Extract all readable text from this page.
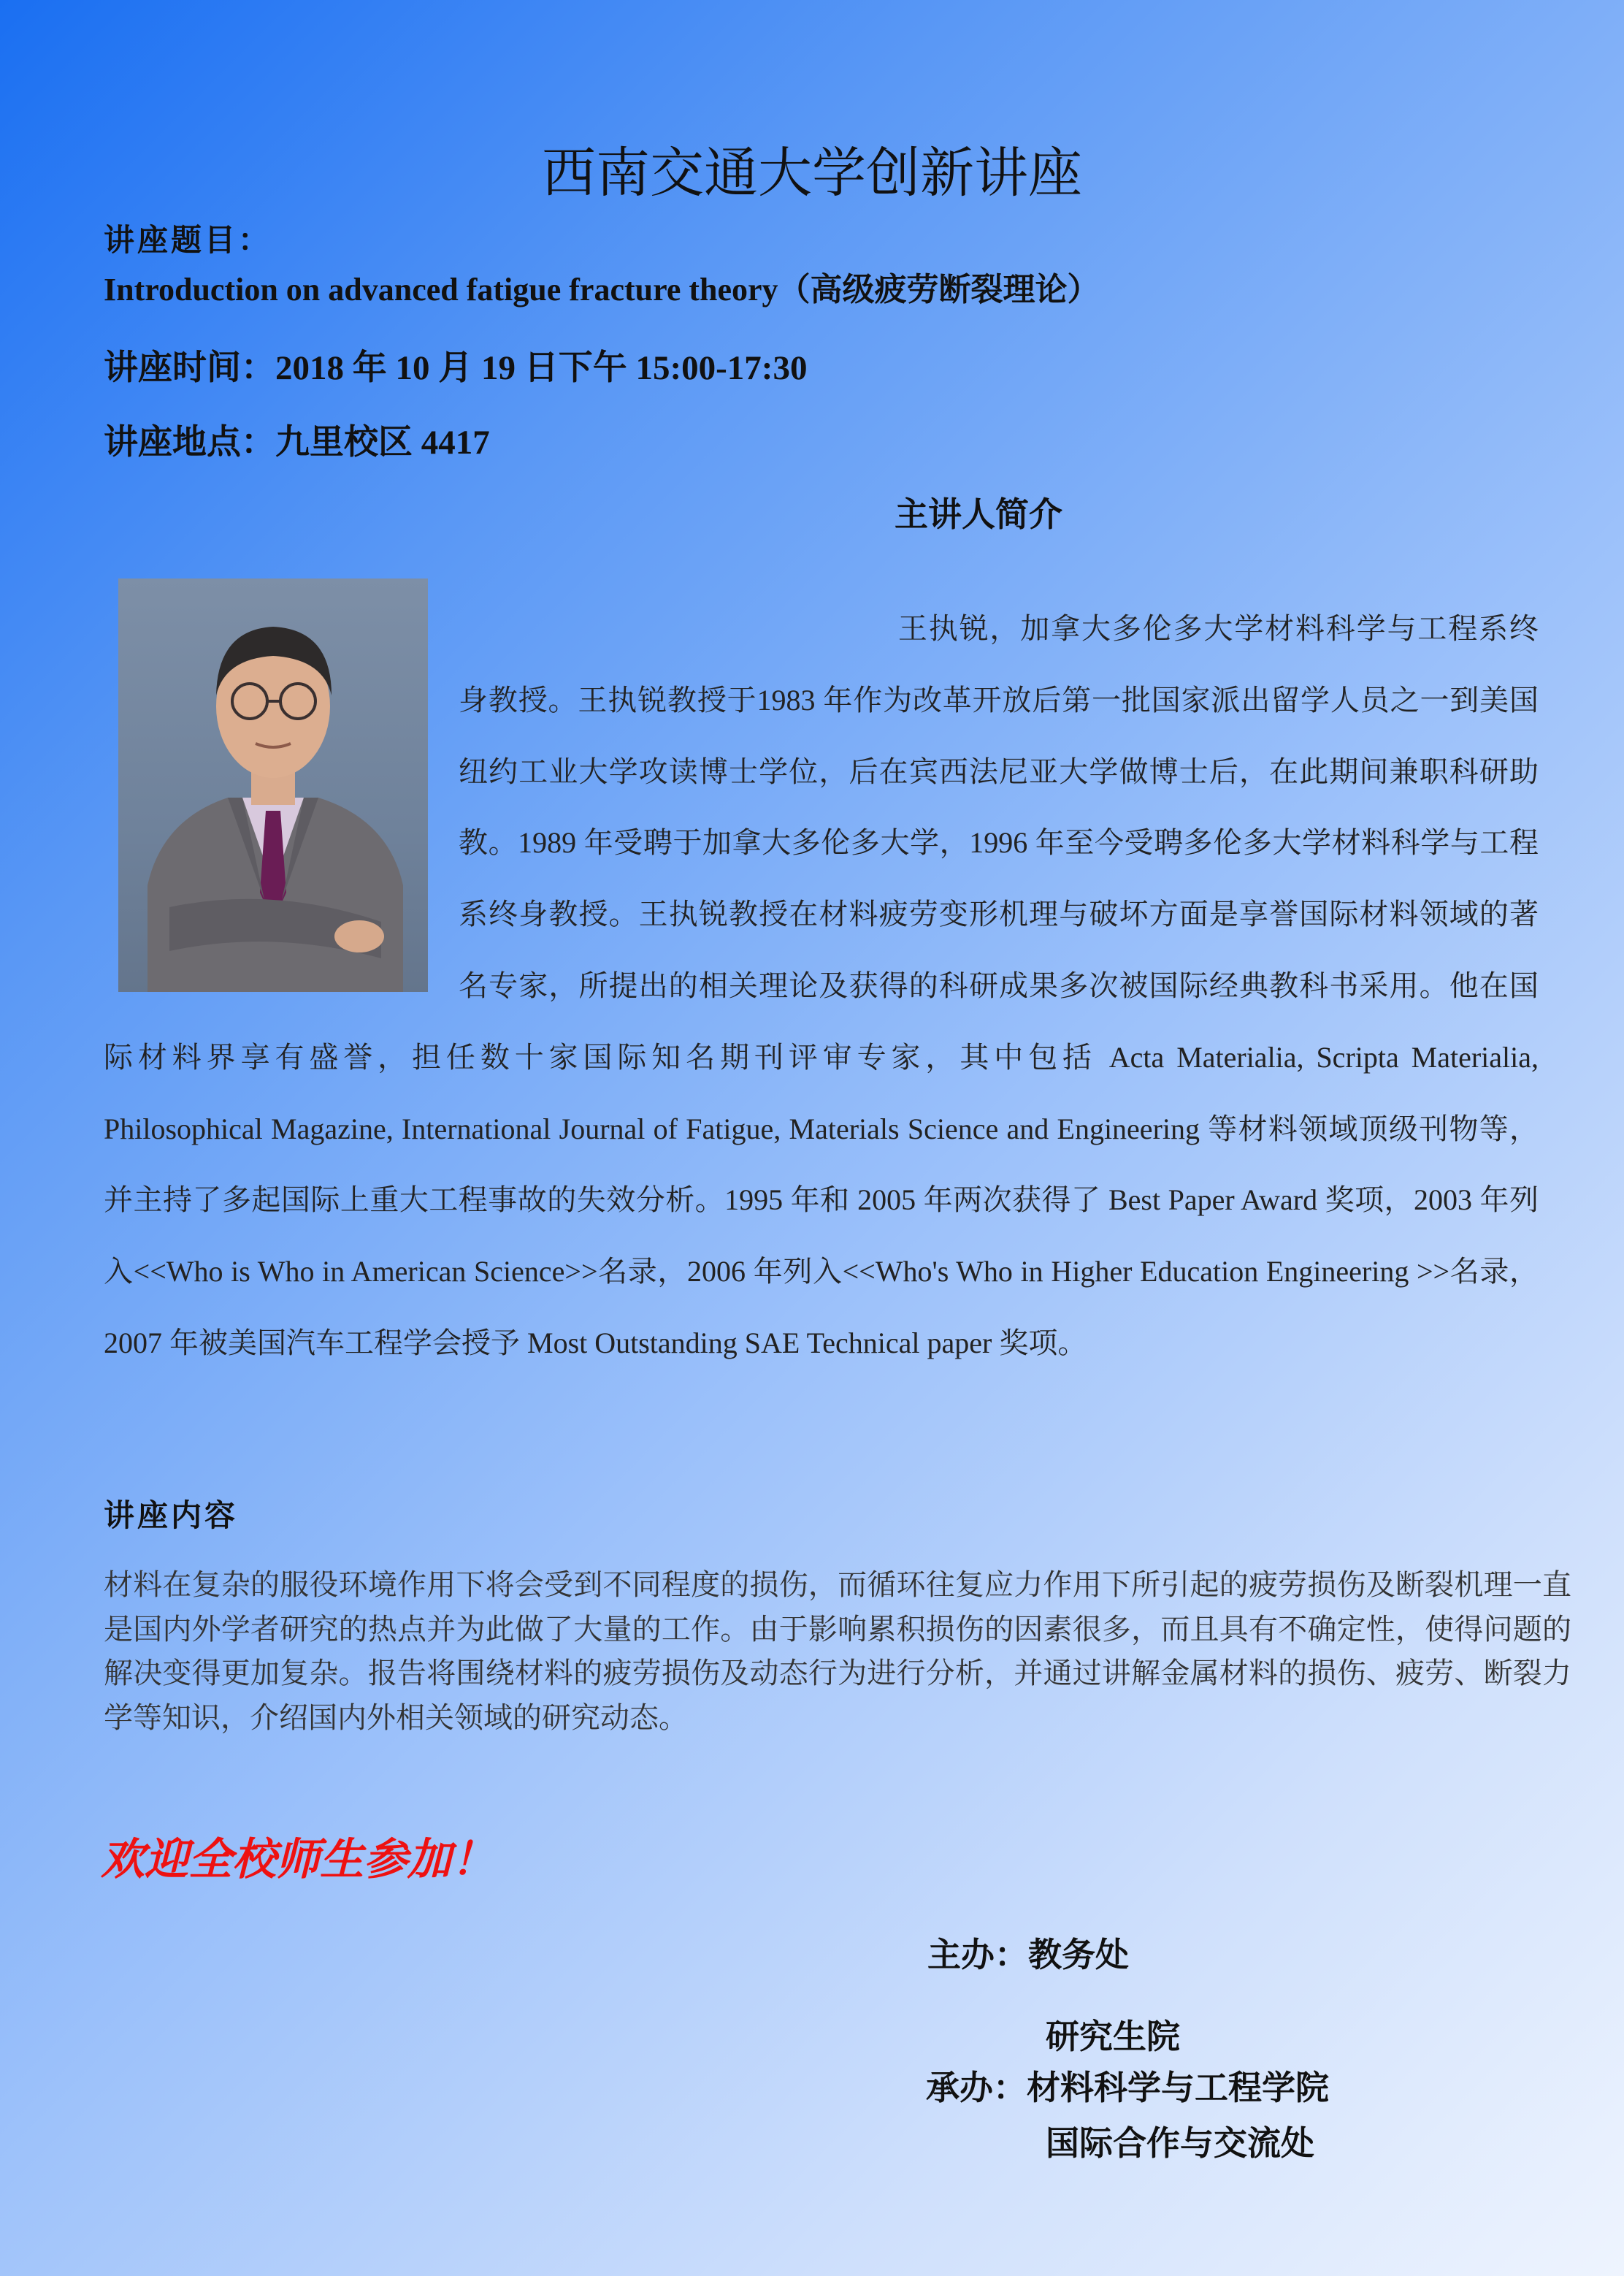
西南交通大学创新讲座
讲座题目：
Introduction on advanced fatigue fracture theory（高级疲劳断裂理论）
讲座时间：2018 年 10 月 19 日下午 15:00-17:30
讲座地点：九里校区 4417
主讲人简介
王执锐，加拿大多伦多大学材料科学与工程系终身教授。王执锐教授于1983 年作为改革开放后第一批国家派出留学人员之一到美国纽约工业大学攻读博士学位，后在宾西法尼亚大学做博士后，在此期间兼职科研助教。1989 年受聘于加拿大多伦多大学，1996 年至今受聘多伦多大学材料科学与工程系终身教授。王执锐教授在材料疲劳变形机理与破坏方面是享誉国际材料领域的著名专家，所提出的相关理论及获得的科研成果多次被国际经典教科书采用。他在国际材料界享有盛誉，担任数十家国际知名期刊评审专家，其中包括 Acta Materialia, Scripta Materialia, Philosophical Magazine, International Journal of Fatigue, Materials Science and Engineering 等材料领域顶级刊物等，并主持了多起国际上重大工程事故的失效分析。1995 年和 2005 年两次获得了 Best Paper Award 奖项，2003 年列入<<Who is Who in American Science>>名录，2006 年列入<<Who's Who in Higher Education Engineering >>名录，2007 年被美国汽车工程学会授予 Most Outstanding SAE Technical paper 奖项。
讲座内容
材料在复杂的服役环境作用下将会受到不同程度的损伤，而循环往复应力作用下所引起的疲劳损伤及断裂机理一直是国内外学者研究的热点并为此做了大量的工作。由于影响累积损伤的因素很多，而且具有不确定性，使得问题的解决变得更加复杂。报告将围绕材料的疲劳损伤及动态行为进行分析，并通过讲解金属材料的损伤、疲劳、断裂力学等知识，介绍国内外相关领域的研究动态。
欢迎全校师生参加！
主办：教务处
研究生院
承办：材料科学与工程学院
国际合作与交流处
